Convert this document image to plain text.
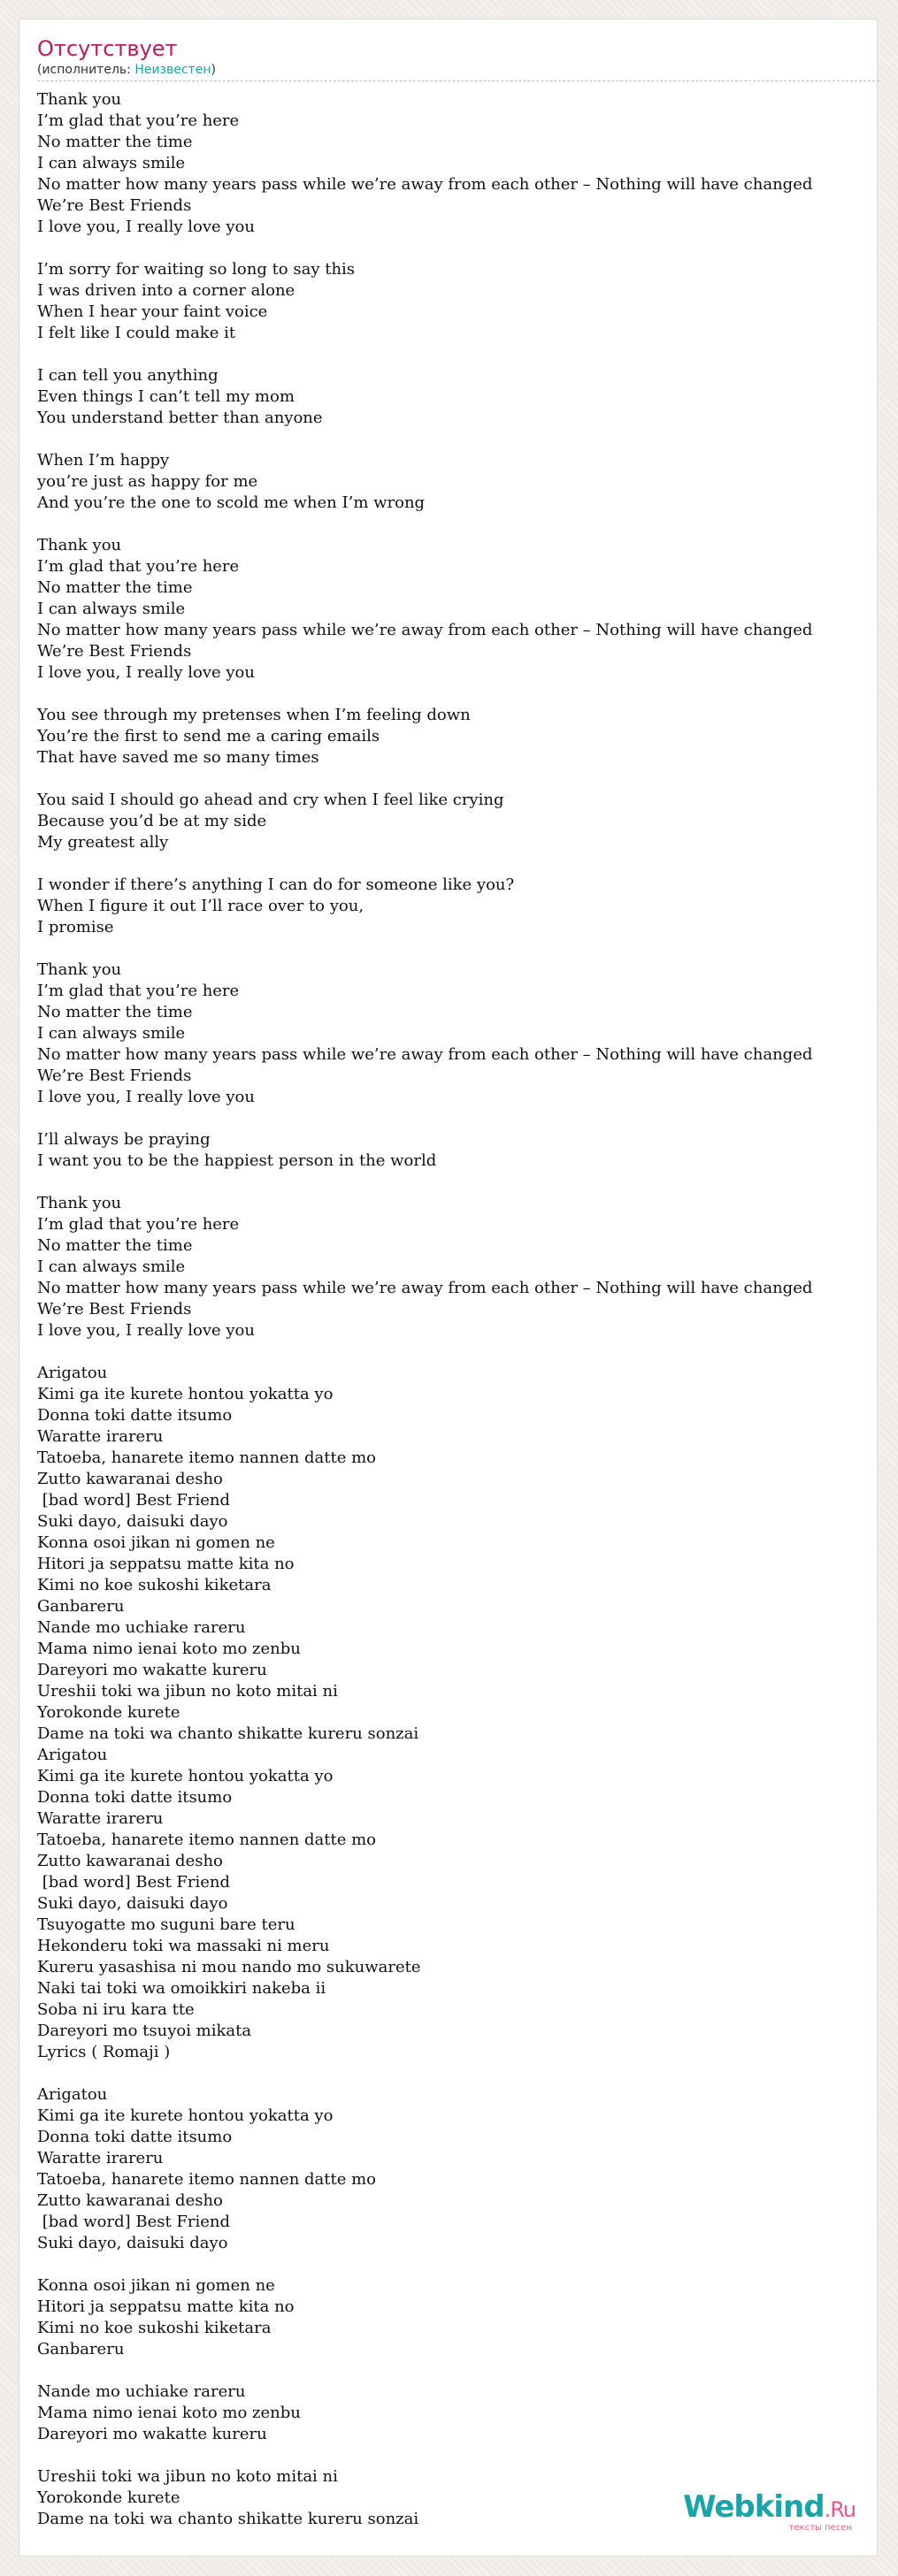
Отсутствует
(исполнитель: Неизвестен)
Thank you
I’m glad that you’re here
No matter the time
I can always smile
No matter how many years pass while we’re away from each other – Nothing will have changed
We’re Best Friends
I love you, I really love you
I’m sorry for waiting so long to say this
I was driven into a corner alone
When I hear your faint voice
I felt like I could make it
I can tell you anything
Even things I can’t tell my mom
You understand better than anyone
When I’m happy
you’re just as happy for me
And you’re the one to scold me when I’m wrong
Thank you
I’m glad that you’re here
No matter the time
I can always smile
No matter how many years pass while we’re away from each other – Nothing will have changed
We’re Best Friends
I love you, I really love you
You see through my pretenses when I’m feeling down
You’re the first to send me a caring emails
That have saved me so many times
You said I should go ahead and cry when I feel like crying
Because you’d be at my side
My greatest ally
I wonder if there’s anything I can do for someone like you?
When I figure it out I’ll race over to you,
I promise
Thank you
I’m glad that you’re here
No matter the time
I can always smile
No matter how many years pass while we’re away from each other – Nothing will have changed
We’re Best Friends
I love you, I really love you
I’ll always be praying
I want you to be the happiest person in the world
Thank you
I’m glad that you’re here
No matter the time
I can always smile
No matter how many years pass while we’re away from each other – Nothing will have changed
We’re Best Friends
I love you, I really love you
Arigatou
Kimi ga ite kurete hontou yokatta yo
Donna toki datte itsumo
Waratte irareru
Tatoeba, hanarete itemo nannen datte mo
Zutto kawaranai desho
[bad word] Best Friend
Suki dayo, daisuki dayo
Konna osoi jikan ni gomen ne
Hitori ja seppatsu matte kita no
Kimi no koe sukoshi kiketara
Ganbareru
Nande mo uchiake rareru
Mama nimo ienai koto mo zenbu
Dareyori mo wakatte kureru
Ureshii toki wa jibun no koto mitai ni
Yorokonde kurete
Dame na toki wa chanto shikatte kureru sonzai
Arigatou
Kimi ga ite kurete hontou yokatta yo
Donna toki datte itsumo
Waratte irareru
Tatoeba, hanarete itemo nannen datte mo
Zutto kawaranai desho
[bad word] Best Friend
Suki dayo, daisuki dayo
Tsuyogatte mo suguni bare teru
Hekonderu toki wa massaki ni meru
Kureru yasashisa ni mou nando mo sukuwarete
Naki tai toki wa omoikkiri nakeba ii
Soba ni iru kara tte
Dareyori mo tsuyoi mikata
Lyrics ( Romaji )
Arigatou
Kimi ga ite kurete hontou yokatta yo
Donna toki datte itsumo
Waratte irareru
Tatoeba, hanarete itemo nannen datte mo
Zutto kawaranai desho
[bad word] Best Friend
Suki dayo, daisuki dayo
Konna osoi jikan ni gomen ne
Hitori ja seppatsu matte kita no
Kimi no koe sukoshi kiketara
Ganbareru
Nande mo uchiake rareru
Mama nimo ienai koto mo zenbu
Dareyori mo wakatte kureru
Ureshii toki wa jibun no koto mitai ni
Yorokonde kurete
Dame na toki wa chanto shikatte kureru sonzai	Webkind.Ru
тексты песен
